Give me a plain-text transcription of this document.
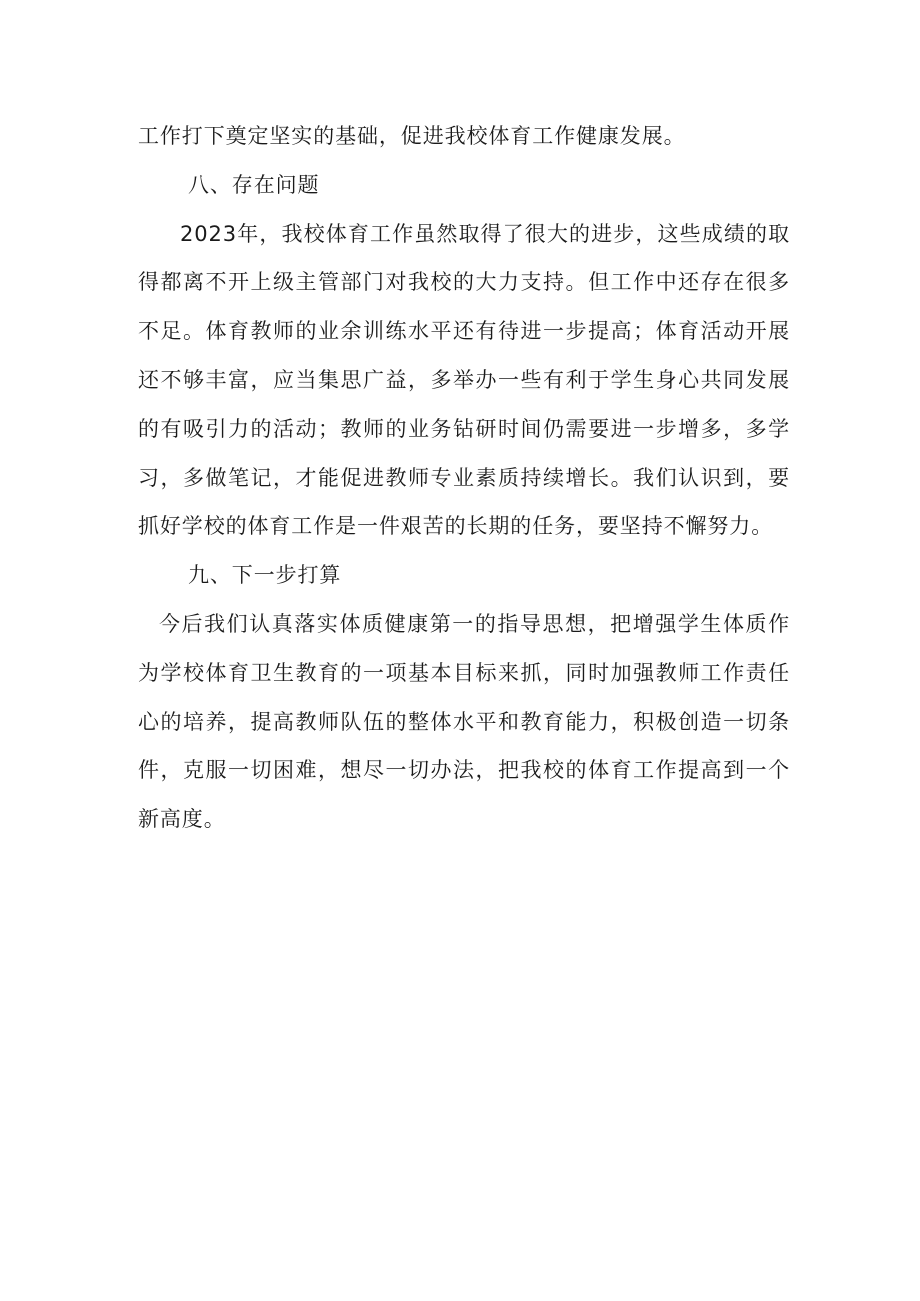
工作打下奠定坚实的基础，促进我校体育工作健康发展。

八、存在问题

2023年，我校体育工作虽然取得了很大的进步，这些成绩的取得都离不开上级主管部门对我校的大力支持。但工作中还存在很多不足。体育教师的业余训练水平还有待进一步提高；体育活动开展还不够丰富，应当集思广益，多举办一些有利于学生身心共同发展的有吸引力的活动；教师的业务钻研时间仍需要进一步增多，多学习，多做笔记，才能促进教师专业素质持续增长。我们认识到，要抓好学校的体育工作是一件艰苦的长期的任务，要坚持不懈努力。

九、下一步打算

今后我们认真落实体质健康第一的指导思想，把增强学生体质作为学校体育卫生教育的一项基本目标来抓，同时加强教师工作责任心的培养，提高教师队伍的整体水平和教育能力，积极创造一切条件，克服一切困难，想尽一切办法，把我校的体育工作提高到一个新高度。
